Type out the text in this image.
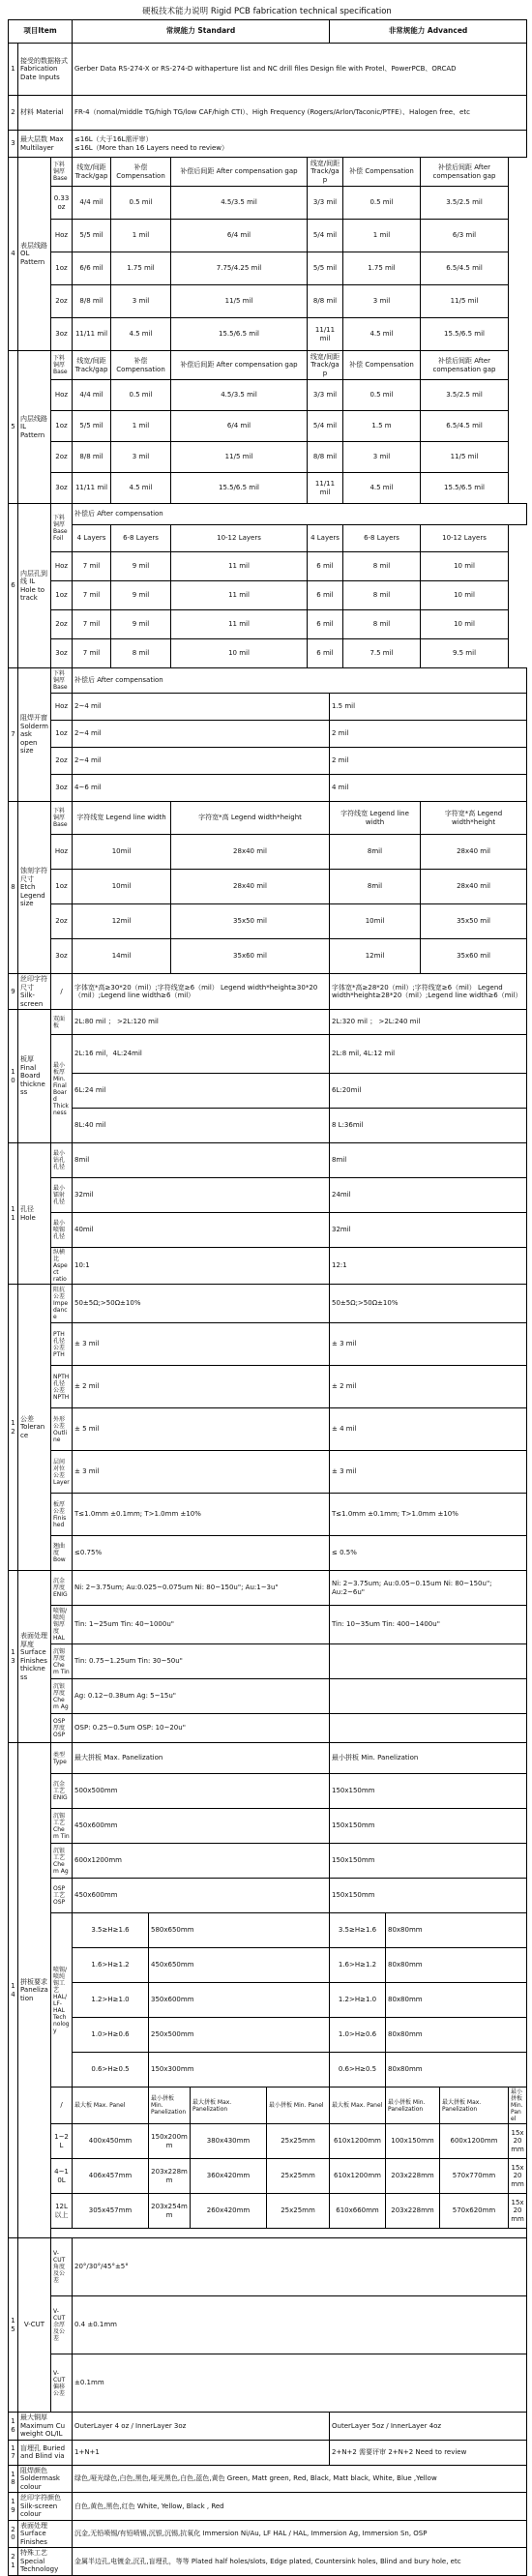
硬板技术能力说明 Rigid PCB fabrication technical specification
项目Item			常规能力 Standard							非常规能力 Advanced					
1	接受的数据格式 Fabrication Date Inputs		Gerber Data RS-274-X or RS-274-D withaperture list and NC drill files Design file with Protel、PowerPCB、ORCAD												
2	材料 Material		FR-4（nomal/middle TG/high TG/low CAF/high CTI）、High Frequency (Rogers/Arlon/Taconic/PTFE）、Halogen free、etc												
3	最大层数 Max Multilayer		≤16L（大于16L需评审）
≤16L（More than 16 Layers need to review）												

4	表层线路 OL Pattern	下料铜厚 Base	线宽/间距 Track/gap	补偿 Compensation		补偿后间距 After compensation gap			线宽/间距 Track/gap		补偿 Compensation		补偿后间距 After compensation gap		
		0.33oz	4/4 mil	0.5 mil		4.5/3.5 mil			3/3 mil		0.5 mil		3.5/2.5 mil		
		Hoz	5/5 mil	1 mil		6/4 mil			5/4 mil		1 mil		6/3 mil		
		1oz	6/6 mil	1.75 mil		7.75/4.25 mil			5/5 mil		1.75 mil		6.5/4.5 mil		
		2oz	8/8 mil	3 mil		11/5 mil			8/8 mil		3 mil		11/5 mil		
		3oz	11/11 mil	4.5 mil		15.5/6.5 mil			11/11 mil		4.5 mil		15.5/6.5 mil		
5	内层线路 IL Pattern	下料铜厚 Base	线宽/间距 Track/gap	补偿 Compensation		补偿后间距 After compensation gap			线宽/间距 Track/gap		补偿 Compensation		补偿后间距 After compensation gap		
		Hoz	4/4 mil	0.5 mil		4.5/3.5 mil			3/3 mil		0.5 mil		3.5/2.5 mil		
		1oz	5/5 mil	1 mil		6/4 mil			5/4 mil		1.5 m		6.5/4.5 mil		
		2oz	8/8 mil	3 mil		11/5 mil			8/8 mil		3 mil		11/5 mil		
		3oz	11/11 mil	4.5 mil		15.5/6.5 mil			11/11 mil		4.5 mil		15.5/6.5 mil		
6	内层孔到线 IL Hole to track	下料铜厚 Base Foil	补偿后 After compensation												
			4 Layers	6-8 Layers		10-12 Layers			4 Layers		6-8 Layers		10-12 Layers		
		Hoz	7 mil	9 mil		11 mil			6 mil		8 mil		10 mil		
		1oz	7 mil	9 mil		11 mil			6 mil		8 mil		10 mil		
		2oz	7 mil	9 mil		11 mil			6 mil		8 mil		10 mil		
		3oz	7 mil	8 mil		10 mil			6 mil		7.5 mil		9.5 mil		
7	阻焊开窗 Soldermask open size	下料铜厚 Base	补偿后 After compensation												
		Hoz	2~4 mil							1.5 mil					
		1oz	2~4 mil							2 mil					
		2oz	2~4 mil							2 mil					
		3oz	4~6 mil							4 mil					
8	蚀刻字符尺寸 Etch Legend size	下料铜厚 Base	字符线宽 Legend line width			字符宽*高 Legend width*height				字符线宽 Legend line width			字符宽*高 Legend width*height		
		Hoz	10mil			28x40 mil				8mil			28x40 mil		
		1oz	10mil			28x40 mil				8mil			28x40 mil		
		2oz	12mil			35x50 mil				10mil			35x50 mil		
		3oz	14mil			35x60 mil				12mil			35x60 mil		
9	丝印字符尺寸 Silk-screen	/	字体宽*高≥30*20（mil）;字符线宽≥6（mil） Legend width*height≥30*20（mil）;Legend line width≥6（mil）							字体宽*高≥28*20（mil）;字符线宽≥6（mil） Legend width*height≥28*20（mil）;Legend line width≥6（mil）					
10	板厚 Final Board thickness	双面板	2L:80 mil ； >2L:120 mil							2L:320 mil ； >2L:240 mil					
		最小板厚 Min. Final Board Thickness	2L:16 mil，4L:24mil							2L:8 mil, 4L:12 mil					
			6L:24 mil							6L:20mil					
			8L:40 mil							8 L:36mil					
11	孔径 Hole	最小钻孔孔径	8mil							8mil					
		最小镭射孔径	32mil							24mil					
		最小喷锡孔径	40mil							32mil					
		纵横比 Aspect ratio	10:1							12:1					
12	公差 Tolerance	阻抗公差 Impedance	50±5Ω;>50Ω±10%							50±5Ω;>50Ω±10%					
		PTH孔径公差 PTH	± 3 mil							± 3 mil					
		NPTH孔径公差 NPTH	± 2 mil							± 2 mil					
		外形公差 Outline	± 5 mil							± 4 mil					
		层间对位公差 Layer	± 3 mil							± 3 mil					
		板厚公差 Finished	T≤1.0mm ±0.1mm; T>1.0mm ±10%							T≤1.0mm ±0.1mm; T>1.0mm ±10%					
		翘曲度 Bow	≤0.75%							≤ 0.5%					
13	表面处理厚度 Surface Finishes thickness	沉金厚度 ENIG	Ni: 2~3.75um; Au:0.025~0.075um Ni: 80~150u"; Au:1~3u"							Ni: 2~3.75um; Au:0.05~0.15um Ni: 80~150u"; Au:2~6u"					
		喷锡/喷纯锡厚度 HAL	Tin: 1~25um Tin: 40~1000u"							Tin: 10~35um Tin: 400~1400u"					
		沉锡厚度 Chem Tin	Tin: 0.75~1.25um Tin: 30~50u"												
		沉银厚度 Chem Ag	Ag: 0.12~0.38um Ag: 5~15u"												
		OSP厚度 OSP	OSP: 0.25~0.5um OSP: 10~20u"												
14	拼板要求 Panelization	类型 Type	最大拼板 Max. Panelization							最小拼板 Min. Panelization					
		沉金工艺 ENIG	500x500mm							150x150mm					
		沉锡工艺 Chem Tin	450x600mm							150x150mm					
		沉银工艺 Chem Ag	600x1200mm							150x150mm					
		OSP工艺 OSP	450x600mm							150x150mm					
		喷锡/喷纯锡工艺 HAL/LF-HAL Technology	3.5≥H≥1.6		580x650mm					3.5≥H≥1.6		80x80mm			
			1.6>H≥1.2		450x650mm					1.6>H≥1.2		80x80mm			
			1.2>H≥1.0		350x600mm					1.2>H≥1.0		80x80mm			
			1.0>H≥0.6		250x500mm					1.0>H≥0.6		80x80mm			
			0.6>H≥0.5		150x300mm					0.6>H≥0.5		80x80mm			
		/	最大板 Max. Panel		最小拼板 Min. Panelization		最大拼板 Max. Panelization	最小拼板 Min. Panel		最大板 Max. Panel		最小拼板 Min. Panelization		最大拼板 Max. Panelization	最小拼板 Min. Panel
		1~2L	400x450mm		150x200mm		380x430mm	25x25mm		610x1200mm		100x150mm		600x1200mm	15x20mm
		4~10L	406x457mm		203x228mm		360x420mm	25x25mm		610x1200mm		203x228mm		570x770mm	15x20mm
		12L以上	305x457mm		203x254mm		260x420mm	25x25mm		610x660mm		203x228mm		570x620mm	15x20mm

15	V-CUT	V-CUT角度及公差	20°/30°/45°±5°												
		V-CUT余厚及公差	0.4 ±0.1mm												
		V-CUT偏移公差	±0.1mm												
16	最大铜厚 Maximum Cu weight OL/IL		OuterLayer 4 oz / InnerLayer 3oz							OuterLayer 5oz / InnerLayer 4oz					
17	盲埋孔 Buried and Blind via		1+N+1							2+N+2 需要评审 2+N+2 Need to review					
18	阻焊颜色 Soldermask colour		绿色,哑光绿色,白色,黑色,哑光黑色,白色,蓝色,黄色 Green, Matt green, Red, Black, Matt black, White, Blue ,Yellow												
19	丝印字符颜色 Silk-screen colour		白色,黄色,黑色,红色 White, Yellow, Black , Red												
20	表面处理 Surface Finishes		沉金,无铅喷锡/有铅喷锡,沉银,沉锡,抗氧化 Immersion Ni/Au, LF HAL / HAL, Immersion Ag, Immersion Sn, OSP												
21	特殊工艺 Special Technology		金属半边孔,电镀金,沉孔,盲埋孔，等等 Plated half holes/slots, Edge plated, Countersink holes, Blind and bury hole, etc												
